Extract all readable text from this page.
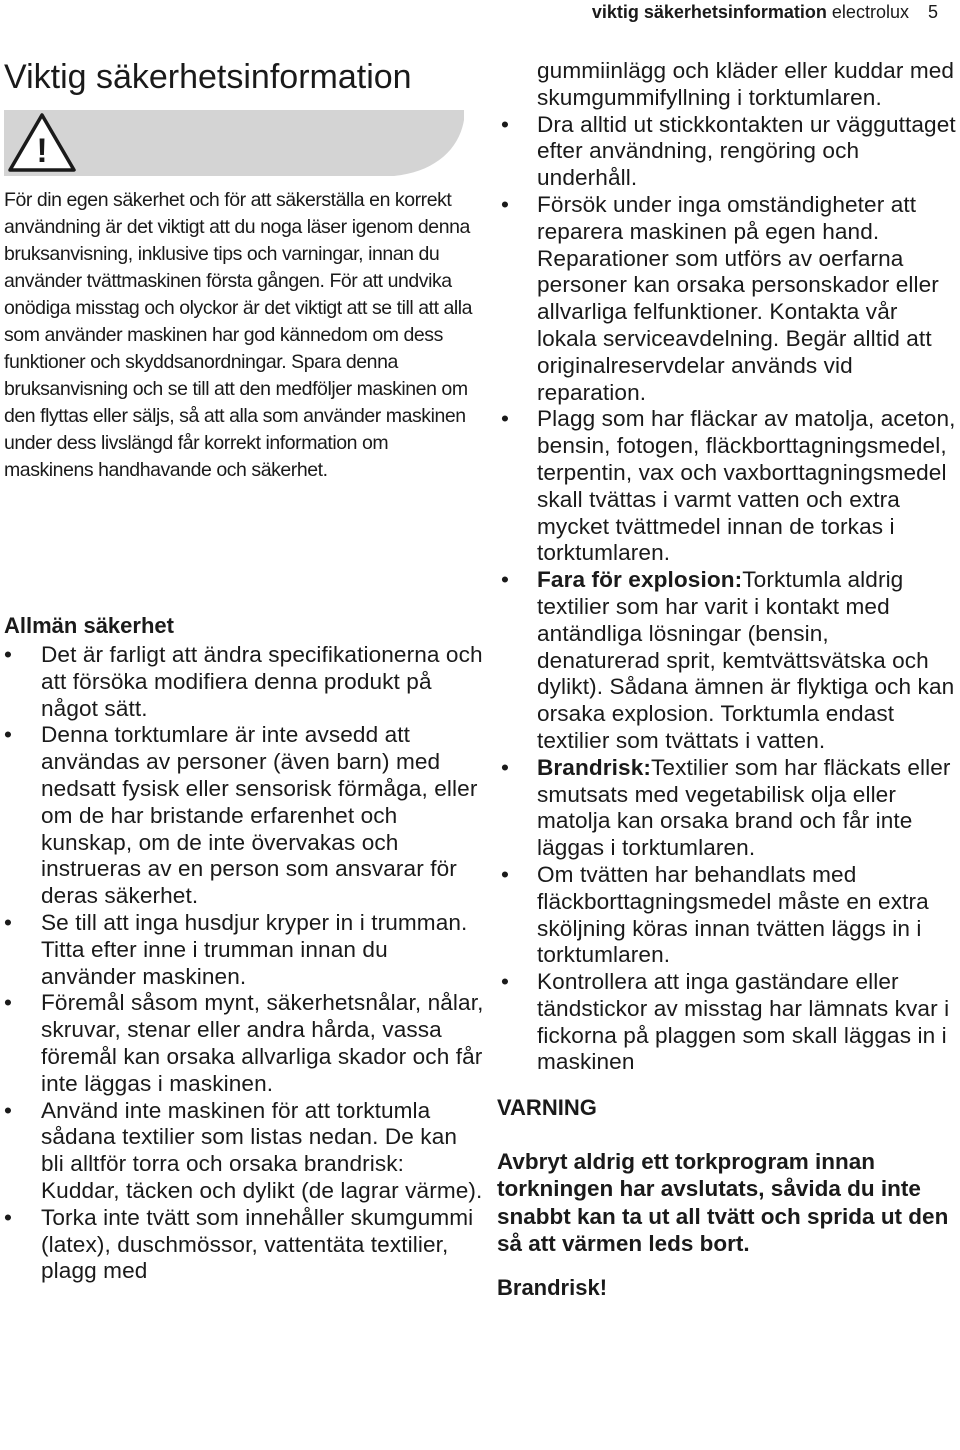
viktig säkerhetsinformation electrolux 5
Viktig säkerhetsinformation
!

För din egen säkerhet och för att säkerställa en korrekt användning är det viktigt att du noga läser igenom denna bruksanvisning, inklusive tips och varningar, innan du använder tvättmaskinen första gången. För att undvika onödiga misstag och olyckor är det viktigt att se till att alla som använder maskinen har god kännedom om dess funktioner och skyddsanordningar. Spara denna bruksanvisning och se till att den medföljer maskinen om den flyttas eller säljs, så att alla som använder maskinen under dess livslängd får korrekt information om maskinens handhavande och säkerhet.

Allmän säkerhet
• Det är farligt att ändra specifikationerna och att försöka modifiera denna produkt på något sätt.
• Denna torktumlare är inte avsedd att användas av personer (även barn) med nedsatt fysisk eller sensorisk förmåga, eller om de har bristande erfarenhet och kunskap, om de inte övervakas och instrueras av en person som ansvarar för deras säkerhet.
• Se till att inga husdjur kryper in i trumman. Titta efter inne i trumman innan du använder maskinen.
• Föremål såsom mynt, säkerhetsnålar, nålar, skruvar, stenar eller andra hårda, vassa föremål kan orsaka allvarliga skador och får inte läggas i maskinen.
• Använd inte maskinen för att torktumla sådana textilier som listas nedan. De kan bli alltför torra och orsaka brandrisk: Kuddar, täcken och dylikt (de lagrar värme).
• Torka inte tvätt som innehåller skumgummi (latex), duschmössor, vattentäta textilier, plagg med

gummiinlägg och kläder eller kuddar med skumgummifyllning i torktumlaren.

• Dra alltid ut stickkontakten ur vägguttaget efter användning, rengöring och underhåll.
• Försök under inga omständigheter att reparera maskinen på egen hand. Reparationer som utförs av oerfarna personer kan orsaka personskador eller allvarliga felfunktioner. Kontakta vår lokala serviceavdelning. Begär alltid att originalreservdelar används vid reparation.
• Plagg som har fläckar av matolja, aceton, bensin, fotogen, fläckborttagningsmedel, terpentin, vax och vaxborttagningsmedel skall tvättas i varmt vatten och extra mycket tvättmedel innan de torkas i torktumlaren.
• Fara för explosion:Torktumla aldrig textilier som har varit i kontakt med antändliga lösningar (bensin, denaturerad sprit, kemtvättsvätska och dylikt). Sådana ämnen är flyktiga och kan orsaka explosion. Torktumla endast textilier som tvättats i vatten.
• Brandrisk:Textilier som har fläckats eller smutsats med vegetabilisk olja eller matolja kan orsaka brand och får inte läggas i torktumlaren.
• Om tvätten har behandlats med fläckborttagningsmedel måste en extra sköljning köras innan tvätten läggs in i torktumlaren.
• Kontrollera att inga gaständare eller tändstickor av misstag har lämnats kvar i fickorna på plaggen som skall läggas in i maskinen
VARNING

Avbryt aldrig ett torkprogram innan torkningen har avslutats, såvida du inte snabbt kan ta ut all tvätt och sprida ut den så att värmen leds bort.

Brandrisk!
